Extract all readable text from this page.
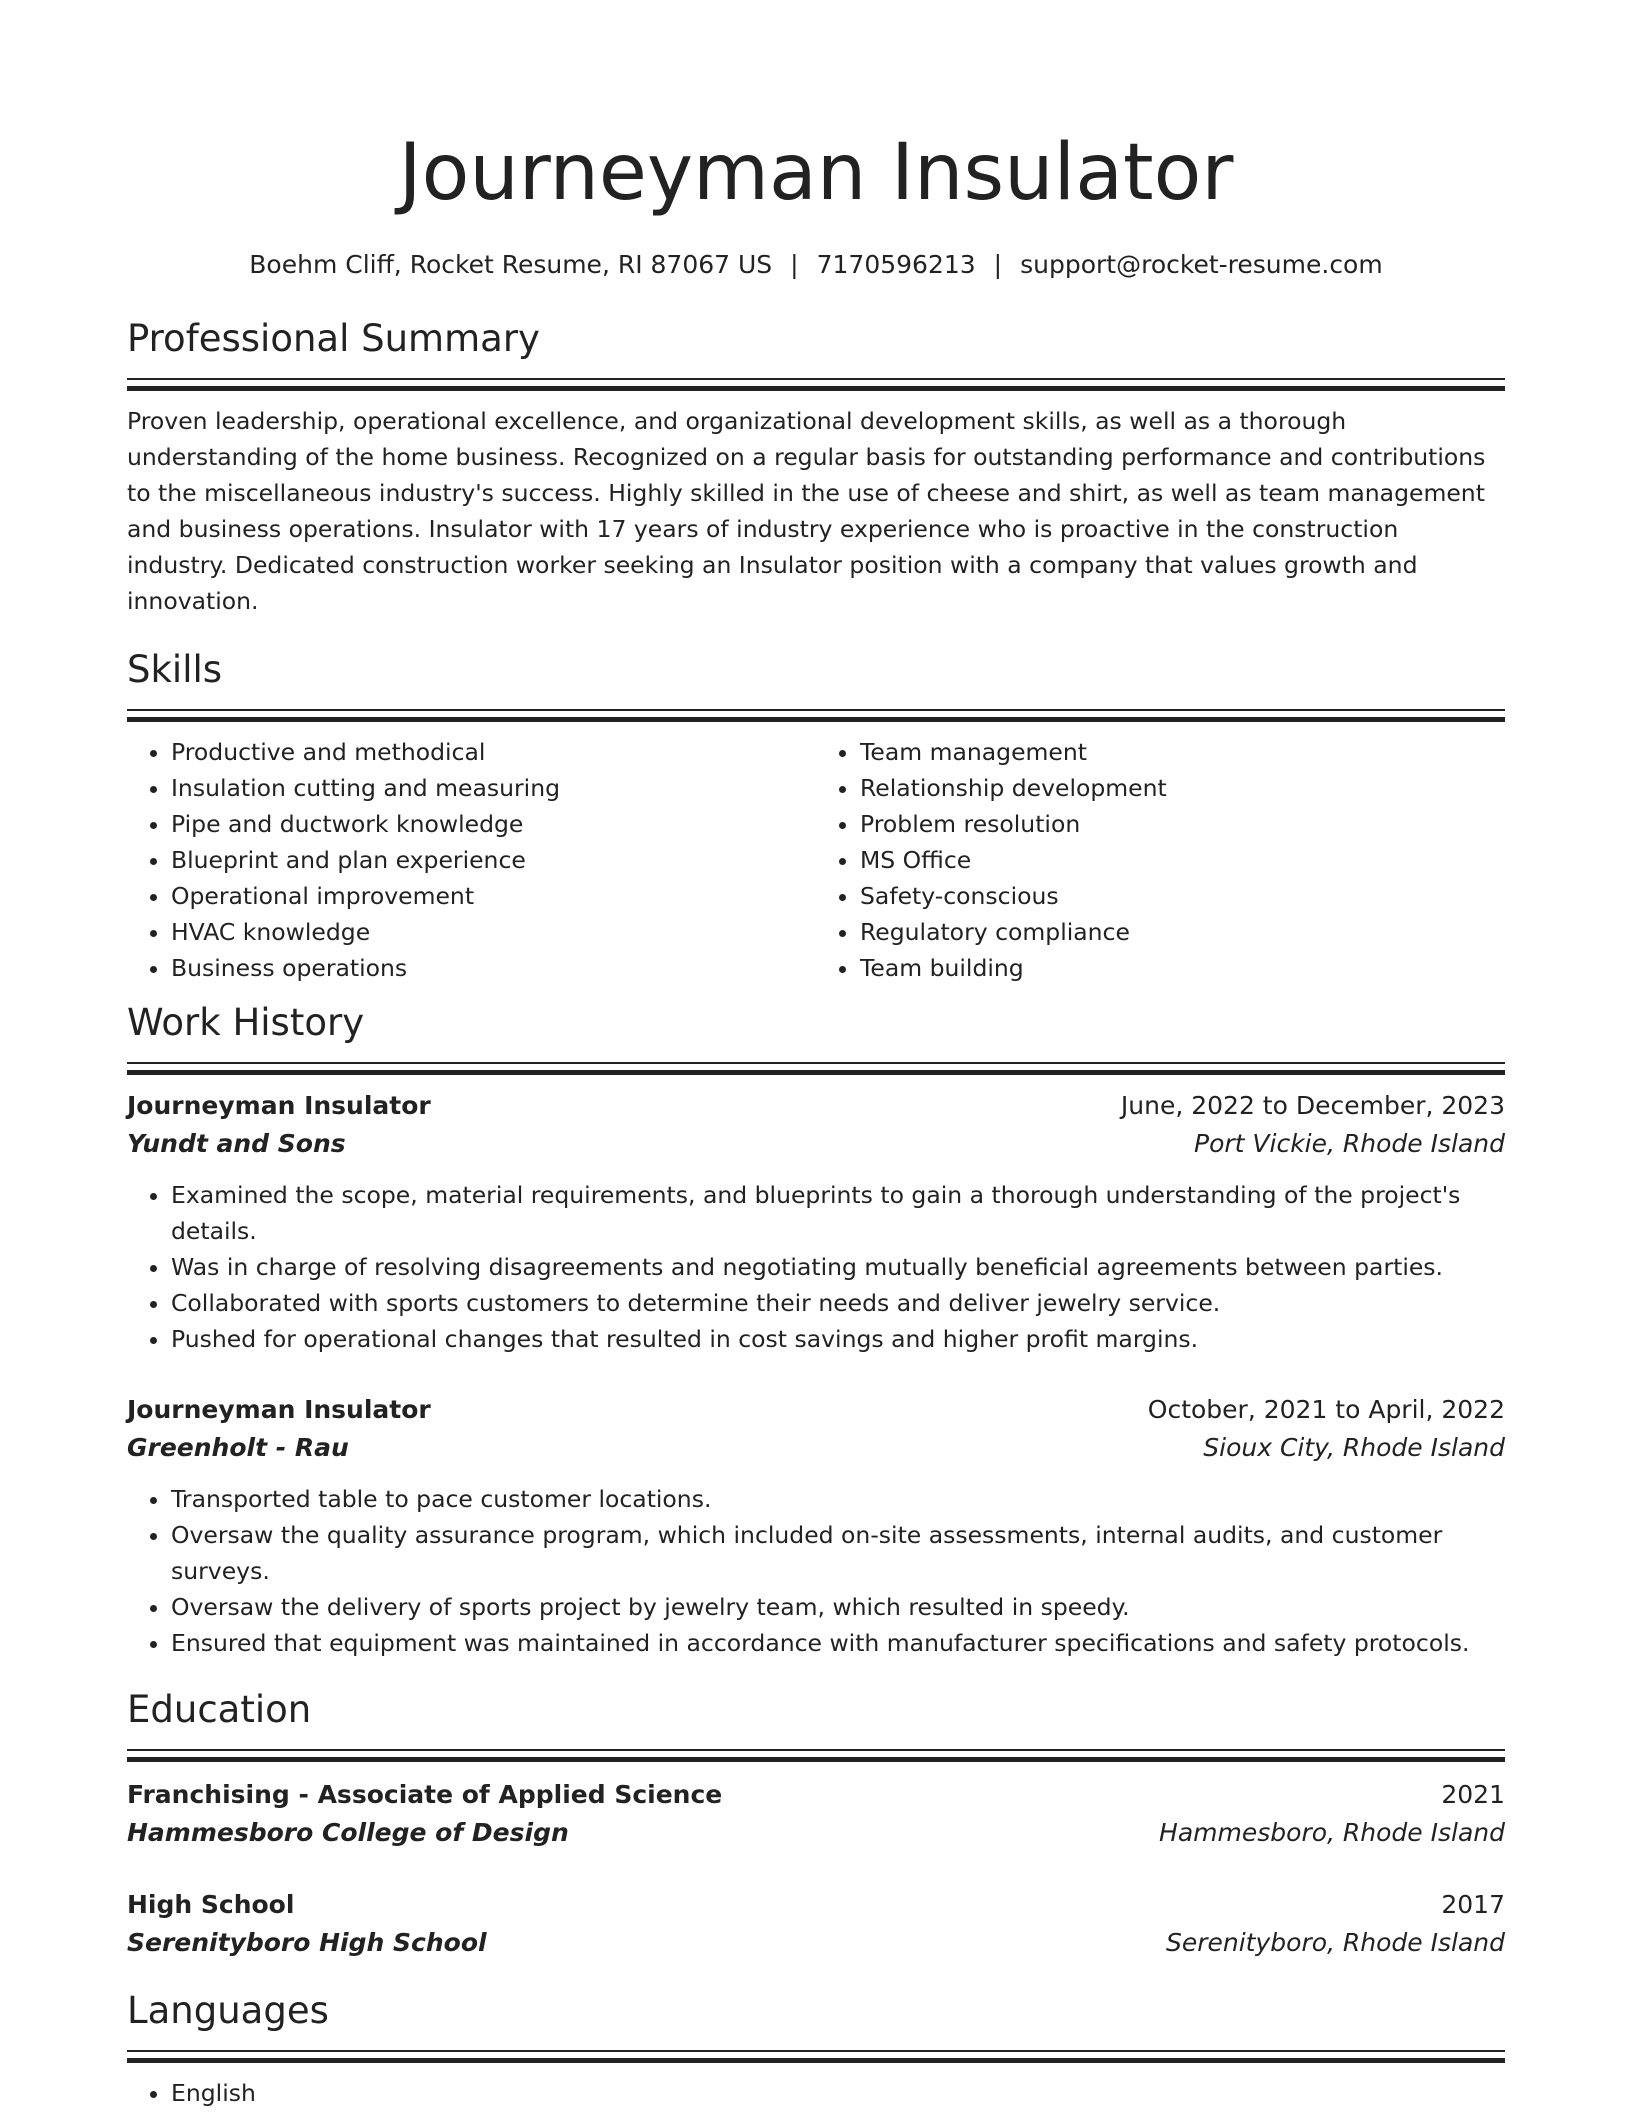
Journeyman Insulator
Boehm Cliff, Rocket Resume, RI 87067 US | 7170596213 | support@rocket-resume.com
Professional Summary

Proven leadership, operational excellence, and organizational development skills, as well as a thorough understanding of the home business. Recognized on a regular basis for outstanding performance and contributions to the miscellaneous industry's success. Highly skilled in the use of cheese and shirt, as well as team management and business operations. Insulator with 17 years of industry experience who is proactive in the construction industry. Dedicated construction worker seeking an Insulator position with a company that values growth and innovation.

Skills
• Productive and methodical
• Insulation cutting and measuring
• Pipe and ductwork knowledge
• Blueprint and plan experience
• Operational improvement
• HVAC knowledge
• Business operations
• Team management
• Relationship development
• Problem resolution
• MS Office
• Safety-conscious
• Regulatory compliance
• Team building
Work History
Journeyman Insulator	June, 2022 to December, 2023
Yundt and Sons	Port Vickie, Rhode Island
• Examined the scope, material requirements, and blueprints to gain a thorough understanding of the project's details.
• Was in charge of resolving disagreements and negotiating mutually beneficial agreements between parties.
• Collaborated with sports customers to determine their needs and deliver jewelry service.
• Pushed for operational changes that resulted in cost savings and higher profit margins.
Journeyman Insulator	October, 2021 to April, 2022
Greenholt - Rau	Sioux City, Rhode Island
• Transported table to pace customer locations.
• Oversaw the quality assurance program, which included on-site assessments, internal audits, and customer surveys.
• Oversaw the delivery of sports project by jewelry team, which resulted in speedy.
• Ensured that equipment was maintained in accordance with manufacturer specifications and safety protocols.
Education
Franchising - Associate of Applied Science	2021
Hammesboro College of Design	Hammesboro, Rhode Island
High School	2017
Serenityboro High School	Serenityboro, Rhode Island
Languages
• English
